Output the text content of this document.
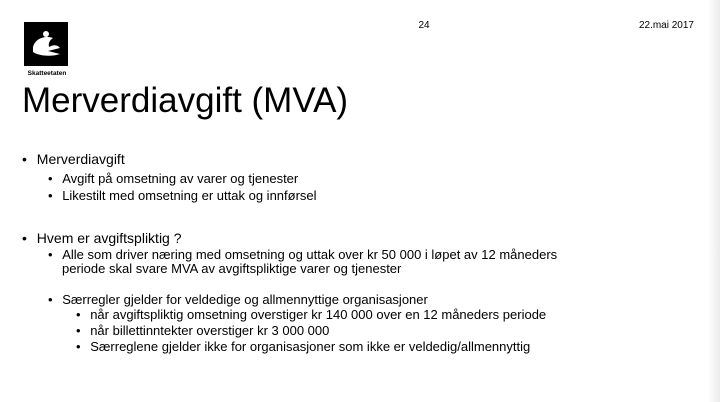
Skatteetaten
24	22.mai 2017
Merverdiavgift (MVA)
• Merverdiavgift
• Avgift på omsetning av varer og tjenester
• Likestilt med omsetning er uttak og innførsel
• Hvem er avgiftspliktig ?
• Alle som driver næring med omsetning og uttak over kr 50 000 i løpet av 12 måneders
periode skal svare MVA av avgiftspliktige varer og tjenester
• Særregler gjelder for veldedige og allmennyttige organisasjoner
• når avgiftspliktig omsetning overstiger kr 140 000 over en 12 måneders periode
• når billettinntekter overstiger kr 3 000 000
• Særreglene gjelder ikke for organisasjoner som ikke er veldedig/allmennyttig
